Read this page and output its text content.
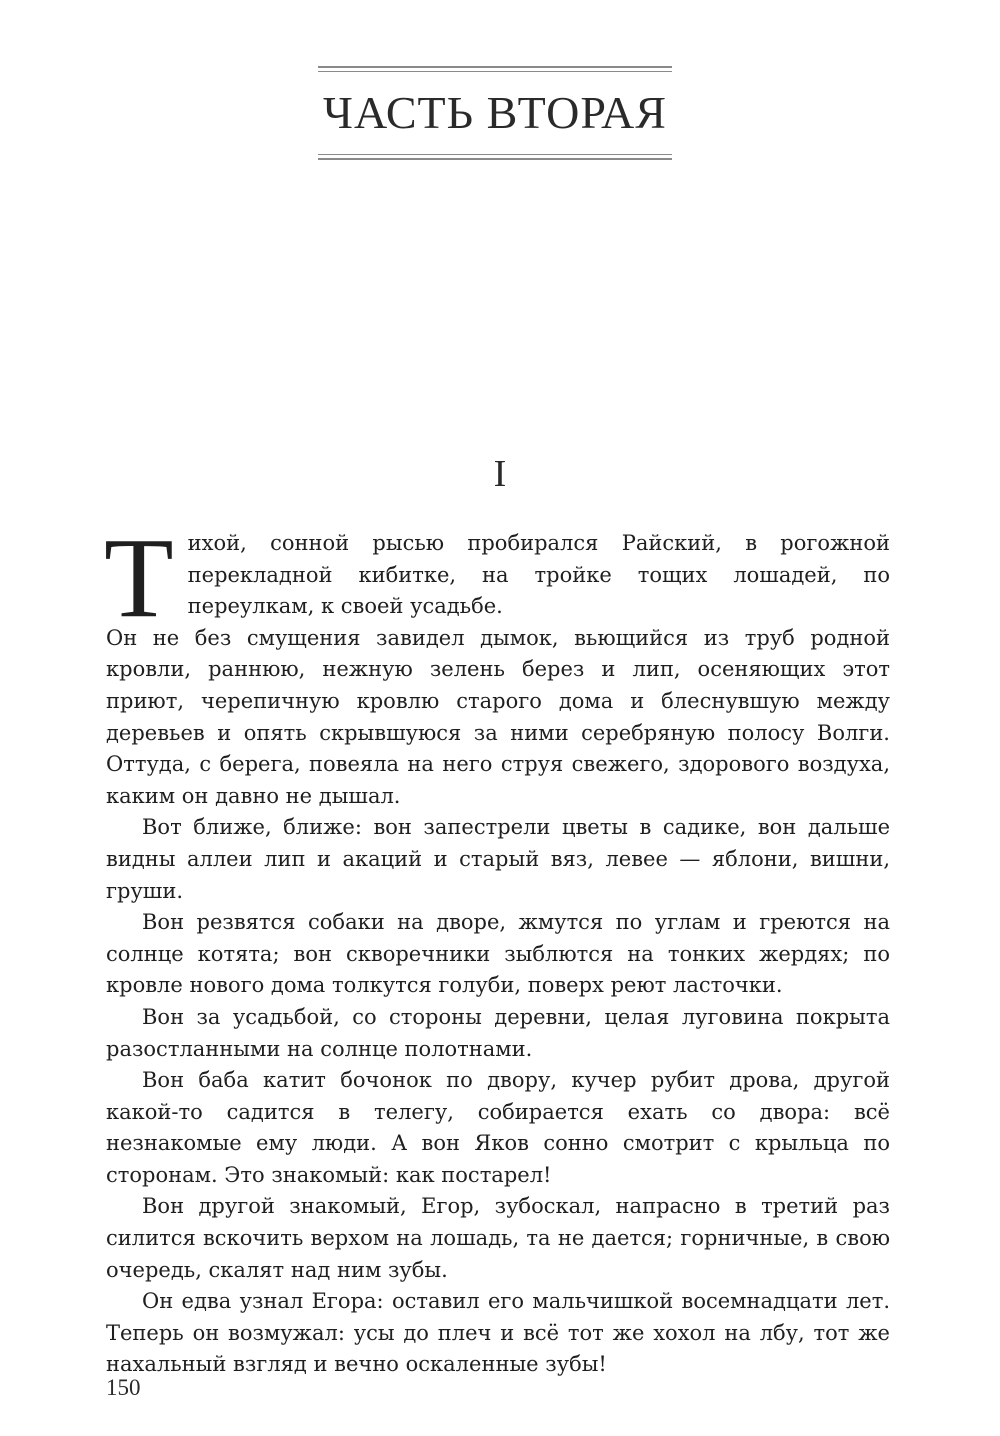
ЧАСТЬ ВТОРАЯ
I

Тихой, сонной рысью пробирался Райский, в рогожной перекладной кибитке, на тройке тощих лошадей, по переулкам, к своей усадьбе.

Он не без смущения завидел дымок, вьющийся из труб родной кровли, раннюю, нежную зелень берез и лип, осеняющих этот приют, черепичную кровлю старого дома и блеснувшую между деревьев и опять скрывшуюся за ними серебряную полосу Волги. Оттуда, с берега, повеяла на него струя свежего, здорового воздуха, каким он давно не дышал.

Вот ближе, ближе: вон запестрели цветы в садике, вон дальше видны аллеи лип и акаций и старый вяз, левее — яблони, вишни, груши.

Вон резвятся собаки на дворе, жмутся по углам и греются на солнце котята; вон скворечники зыблются на тонких жердях; по кровле нового дома толкутся голуби, поверх реют ласточки.

Вон за усадьбой, со стороны деревни, целая луговина покрыта разостланными на солнце полотнами.

Вон баба катит бочонок по двору, кучер рубит дрова, другой какой-то садится в телегу, собирается ехать со двора: всё незнакомые ему люди. А вон Яков сонно смотрит с крыльца по сторонам. Это знакомый: как постарел!

Вон другой знакомый, Егор, зубоскал, напрасно в третий раз силится вскочить верхом на лошадь, та не дается; горничные, в свою очередь, скалят над ним зубы.

Он едва узнал Егора: оставил его мальчишкой восемнадцати лет. Теперь он возмужал: усы до плеч и всё тот же хохол на лбу, тот же нахальный взгляд и вечно оскаленные зубы!

150
